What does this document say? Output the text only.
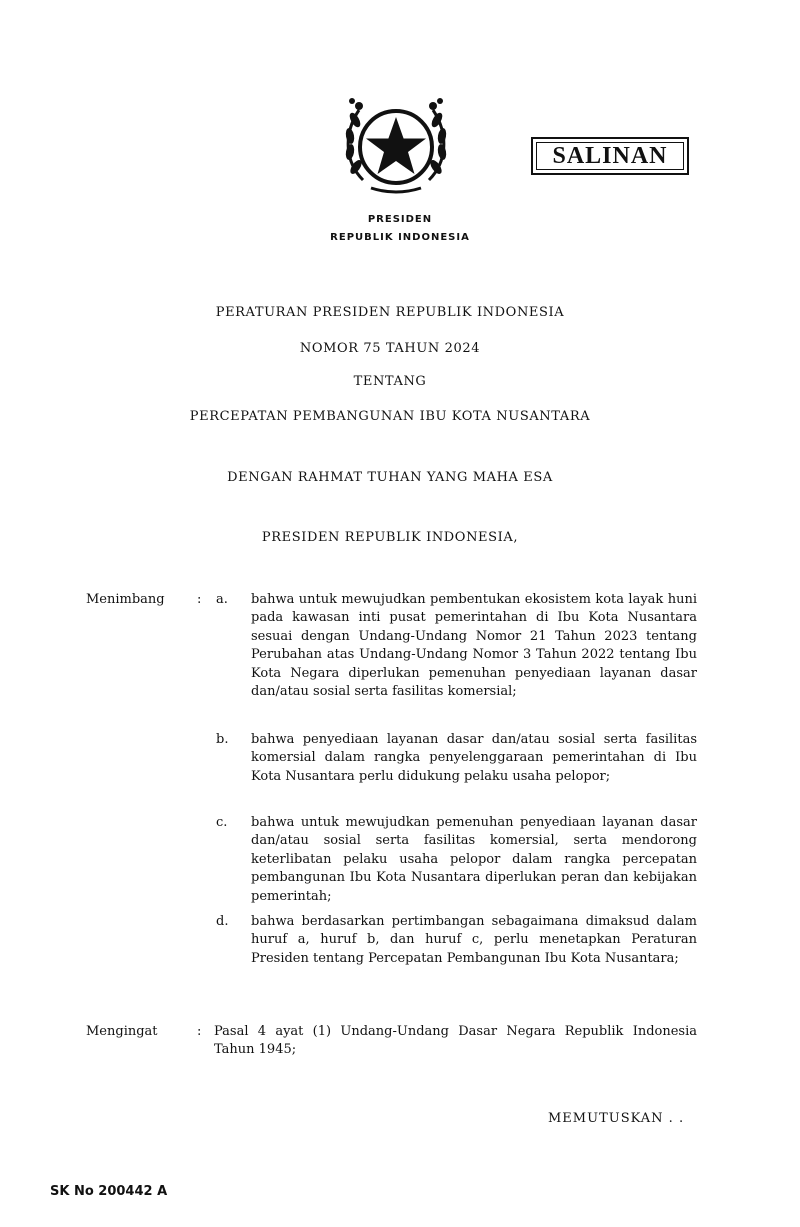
SALINAN
PRESIDEN
REPUBLIK INDONESIA
PERATURAN PRESIDEN REPUBLIK INDONESIA
NOMOR 75 TAHUN 2024
TENTANG
PERCEPATAN PEMBANGUNAN IBU KOTA NUSANTARA
DENGAN RAHMAT TUHAN YANG MAHA ESA
PRESIDEN REPUBLIK INDONESIA,
Menimbang : a. bahwa untuk mewujudkan pembentukan ekosistem kota layak huni pada kawasan inti pusat pemerintahan di Ibu Kota Nusantara sesuai dengan Undang-Undang Nomor 21 Tahun 2023 tentang Perubahan atas Undang-Undang Nomor 3 Tahun 2022 tentang Ibu Kota Negara diperlukan pemenuhan penyediaan layanan dasar dan/atau sosial serta fasilitas komersial;

b. bahwa penyediaan layanan dasar dan/atau sosial serta fasilitas komersial dalam rangka penyelenggaraan pemerintahan di Ibu Kota Nusantara perlu didukung pelaku usaha pelopor;

c. bahwa untuk mewujudkan pemenuhan penyediaan layanan dasar dan/atau sosial serta fasilitas komersial, serta mendorong keterlibatan pelaku usaha pelopor dalam rangka percepatan pembangunan Ibu Kota Nusantara diperlukan peran dan kebijakan pemerintah;

d. bahwa berdasarkan pertimbangan sebagaimana dimaksud dalam huruf a, huruf b, dan huruf c, perlu menetapkan Peraturan Presiden tentang Percepatan Pembangunan Ibu Kota Nusantara;

Mengingat	: Pasal 4 ayat (1) Undang-Undang Dasar Negara Republik Indonesia Tahun 1945;

MEMUTUSKAN . .
SK No 200442 A
